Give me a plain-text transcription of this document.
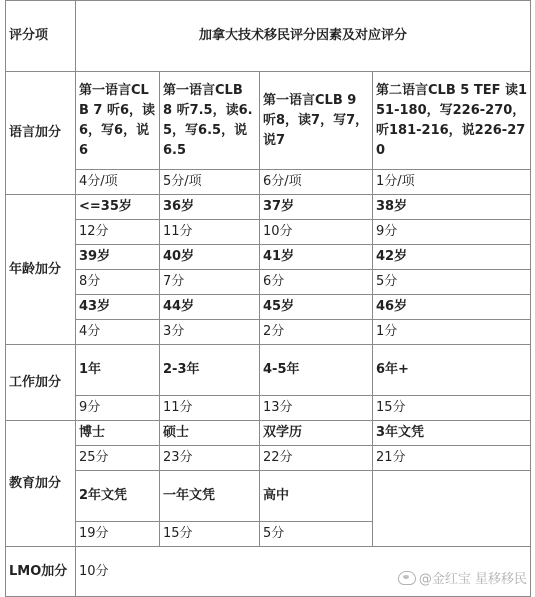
评分项	加拿大技术移民评分因素及对应评分			
语言加分	第一语言CLB 7 听6，读6，写6，说6	第一语言CLB 8 听7.5，读6.5，写6.5，说6.5	第一语言CLB 9 听8，读7，写7，说7	第二语言CLB 5 TEF 读151-180，写226-270，听181-216，说226-270
	4分/项	5分/项	6分/项	1分/项
年龄加分	<=35岁	36岁	37岁	38岁
	12分	11分	10分	9分
	39岁	40岁	41岁	42岁
	8分	7分	6分	5分
	43岁	44岁	45岁	46岁
	4分	3分	2分	1分
工作加分	1年	2-3年	4-5年	6年+
	9分	11分	13分	15分
教育加分	博士	硕士	双学历	3年文凭
	25分	23分	22分	21分
	2年文凭	一年文凭	高中	
	19分	15分	5分	
LMO加分	10分			
@金红宝 星移移民
